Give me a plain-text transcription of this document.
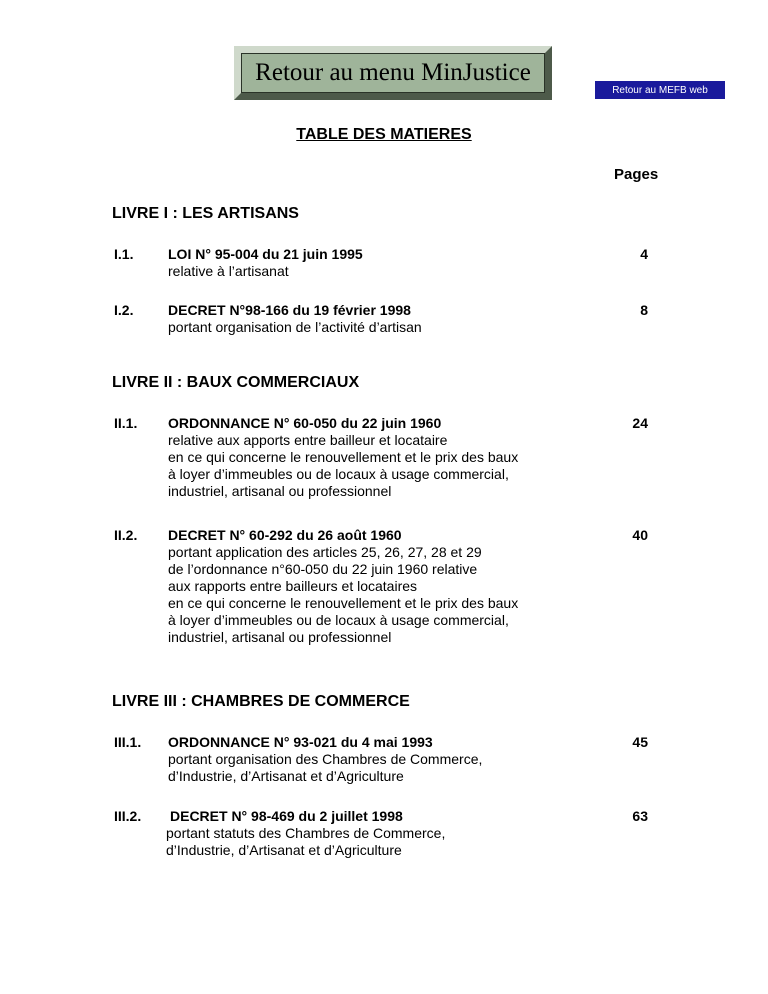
Retour au menu MinJustice
Retour au MEFB web
TABLE DES MATIERES
Pages
LIVRE I : LES ARTISANS
I.1. LOI N° 95-004 du 21 juin 1995
relative à l’artisanat
4
I.2. DECRET N°98-166 du 19 février 1998
portant organisation de l’activité d’artisan
8
LIVRE II : BAUX COMMERCIAUX
II.1. ORDONNANCE N° 60-050 du 22 juin 1960
relative aux apports entre bailleur et locataire
en ce qui concerne le renouvellement et le prix des baux
à loyer d’immeubles ou de locaux à usage commercial,
industriel, artisanal ou professionnel
24
II.2. DECRET N° 60-292 du 26 août 1960
portant application des articles 25, 26, 27, 28 et 29
de l’ordonnance n°60-050 du 22 juin 1960 relative
aux rapports entre bailleurs et locataires
en ce qui concerne le renouvellement et le prix des baux
à loyer d’immeubles ou de locaux à usage commercial,
industriel, artisanal ou professionnel
40
LIVRE III : CHAMBRES DE COMMERCE
III.1. ORDONNANCE N° 93-021 du 4 mai 1993
portant organisation des Chambres de Commerce,
d’Industrie, d’Artisanat et d’Agriculture
45
III.2. DECRET N° 98-469 du 2 juillet 1998
portant statuts des Chambres de Commerce,
d’Industrie, d’Artisanat et d’Agriculture
63
